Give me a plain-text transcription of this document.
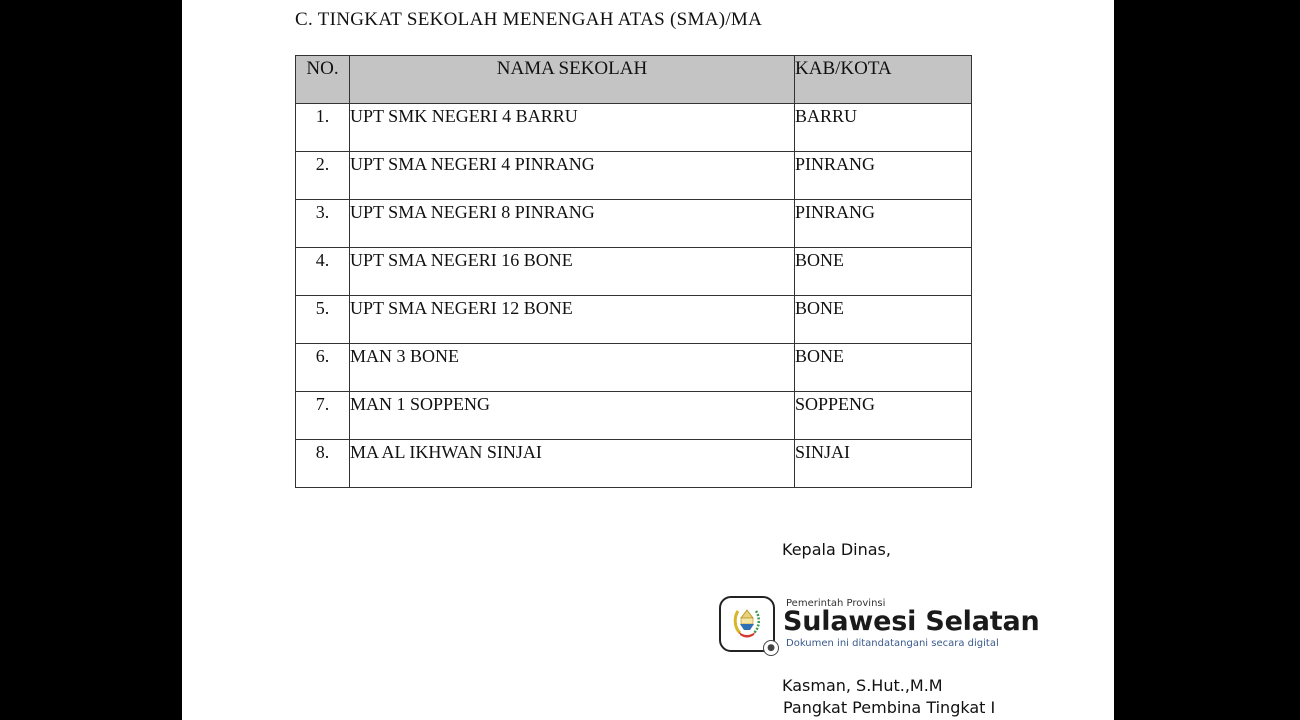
C. TINGKAT SEKOLAH MENENGAH ATAS (SMA)/MA
NO.	NAMA SEKOLAH	KAB/KOTA
1.	UPT SMK NEGERI 4 BARRU	BARRU
2.	UPT SMA NEGERI 4 PINRANG	PINRANG
3.	UPT SMA NEGERI 8 PINRANG	PINRANG
4.	UPT SMA NEGERI 16 BONE	BONE
5.	UPT SMA NEGERI 12 BONE	BONE
6.	MAN 3 BONE	BONE
7.	MAN 1 SOPPENG	SOPPENG
8.	MA AL IKHWAN SINJAI	SINJAI
Kepala Dinas,
●
Pemerintah Provinsi
Sulawesi Selatan
Dokumen ini ditandatangani secara digital
Kasman, S.Hut.,M.M
Pangkat Pembina Tingkat I
